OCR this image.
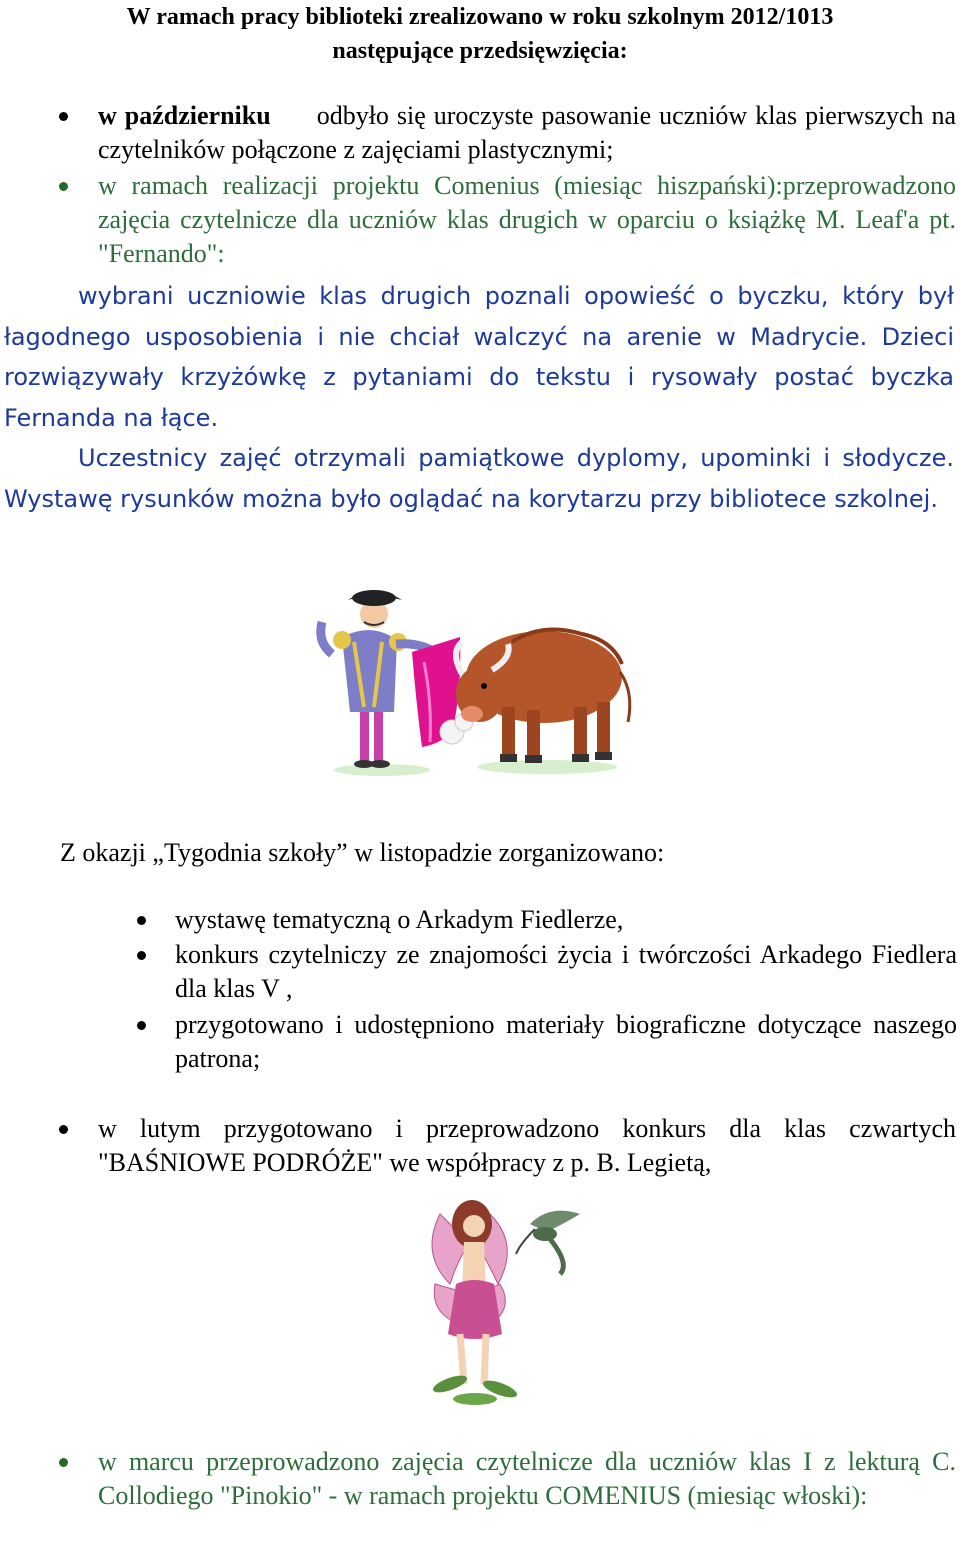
W ramach pracy biblioteki zrealizowano w roku szkolnym 2012/1013
następujące przedsięwzięcia:
w październiku odbyło się uroczyste pasowanie uczniów klas pierwszych na czytelników połączone z zajęciami plastycznymi;
w ramach realizacji projektu Comenius (miesiąc hiszpański):przeprowadzono zajęcia czytelnicze dla uczniów klas drugich w oparciu o książkę M. Leaf'a pt. "Fernando":

wybrani uczniowie klas drugich poznali opowieść o byczku, który był łagodnego usposobienia i nie chciał walczyć na arenie w Madrycie. Dzieci rozwiązywały krzyżówkę z pytaniami do tekstu i rysowały postać byczka Fernanda na łące.

Uczestnicy zajęć otrzymali pamiątkowe dyplomy, upominki i słodycze. Wystawę rysunków można było oglądać na korytarzu przy bibliotece szkolnej.

Z okazji „Tygodnia szkoły” w listopadzie zorganizowano:
wystawę tematyczną o Arkadym Fiedlerze,
konkurs czytelniczy ze znajomości życia i twórczości Arkadego Fiedlera dla klas V ,
przygotowano i udostępniono materiały biograficzne dotyczące naszego patrona;
w lutym przygotowano i przeprowadzono konkurs dla klas czwartych "BAŚNIOWE PODRÓŻE" we współpracy z p. B. Legietą,
w marcu przeprowadzono zajęcia czytelnicze dla uczniów klas I z lekturą C. Collodiego "Pinokio" - w ramach projektu COMENIUS (miesiąc włoski):
